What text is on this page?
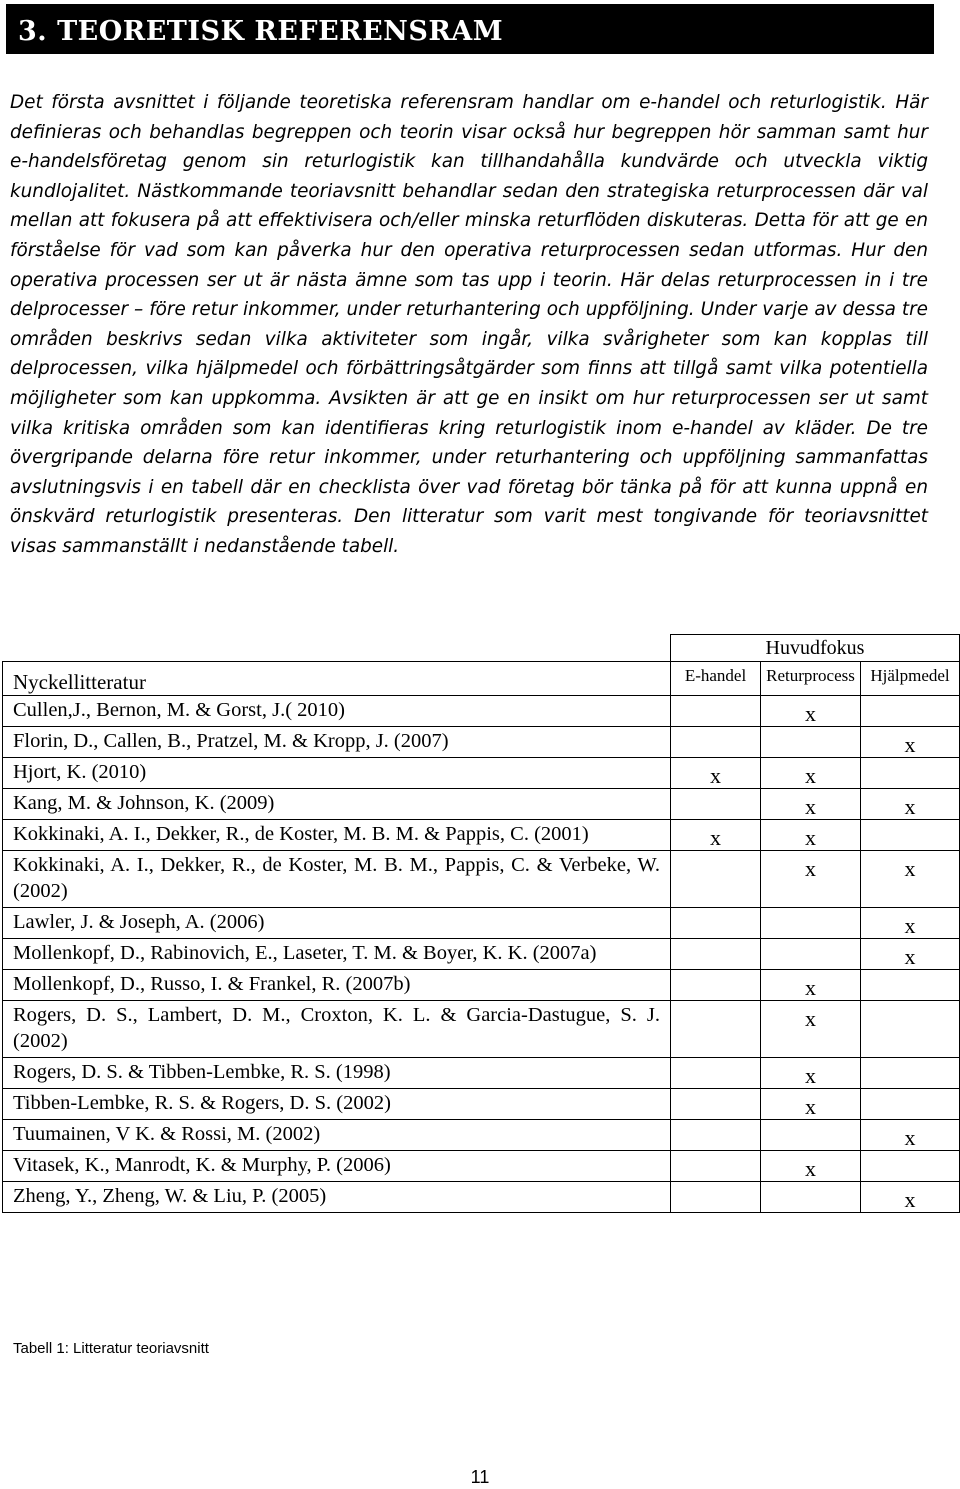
3. TEORETISK REFERENSRAM

Det första avsnittet i följande teoretiska referensram handlar om e-handel och returlogistik. Här definieras och behandlas begreppen och teorin visar också hur begreppen hör samman samt hur e-handelsföretag genom sin returlogistik kan tillhandahålla kundvärde och utveckla viktig kundlojalitet. Nästkommande teoriavsnitt behandlar sedan den strategiska returprocessen där val mellan att fokusera på att effektivisera och/eller minska returflöden diskuteras. Detta för att ge en förståelse för vad som kan påverka hur den operativa returprocessen sedan utformas. Hur den operativa processen ser ut är nästa ämne som tas upp i teorin. Här delas returprocessen in i tre delprocesser – före retur inkommer, under returhantering och uppföljning. Under varje av dessa tre områden beskrivs sedan vilka aktiviteter som ingår, vilka svårigheter som kan kopplas till delprocessen, vilka hjälpmedel och förbättringsåtgärder som finns att tillgå samt vilka potentiella möjligheter som kan uppkomma. Avsikten är att ge en insikt om hur returprocessen ser ut samt vilka kritiska områden som kan identifieras kring returlogistik inom e-handel av kläder. De tre övergripande delarna före retur inkommer, under returhantering och uppföljning sammanfattas avslutningsvis i en tabell där en checklista över vad företag bör tänka på för att kunna uppnå en önskvärd returlogistik presenteras. Den litteratur som varit mest tongivande för teoriavsnittet visas sammanställt i nedanstående tabell.

	Huvudfokus		
Nyckellitteratur	E-handel	Returprocess	Hjälpmedel
Cullen,J., Bernon, M. & Gorst, J.( 2010)		x	
Florin, D., Callen, B., Pratzel, M. & Kropp, J. (2007)			x
Hjort, K. (2010)	x	x	
Kang, M. & Johnson, K. (2009)		x	x
Kokkinaki, A. I., Dekker, R., de Koster, M. B. M. & Pappis, C. (2001)	x	x	
Kokkinaki, A. I., Dekker, R., de Koster, M. B. M., Pappis, C. & Verbeke, W. (2002)		x	x
Lawler, J. & Joseph, A. (2006)			x
Mollenkopf, D., Rabinovich, E., Laseter, T. M. & Boyer, K. K. (2007a)			x
Mollenkopf, D., Russo, I. & Frankel, R. (2007b)		x	
Rogers, D. S., Lambert, D. M., Croxton, K. L. & Garcia-Dastugue, S. J. (2002)		x	
Rogers, D. S. & Tibben-Lembke, R. S. (1998)		x	
Tibben-Lembke, R. S. & Rogers, D. S. (2002)		x	
Tuumainen, V K. & Rossi, M. (2002)			x
Vitasek, K., Manrodt, K. & Murphy, P. (2006)		x	
Zheng, Y., Zheng, W. & Liu, P. (2005)			x
Tabell 1: Litteratur teoriavsnitt
11
